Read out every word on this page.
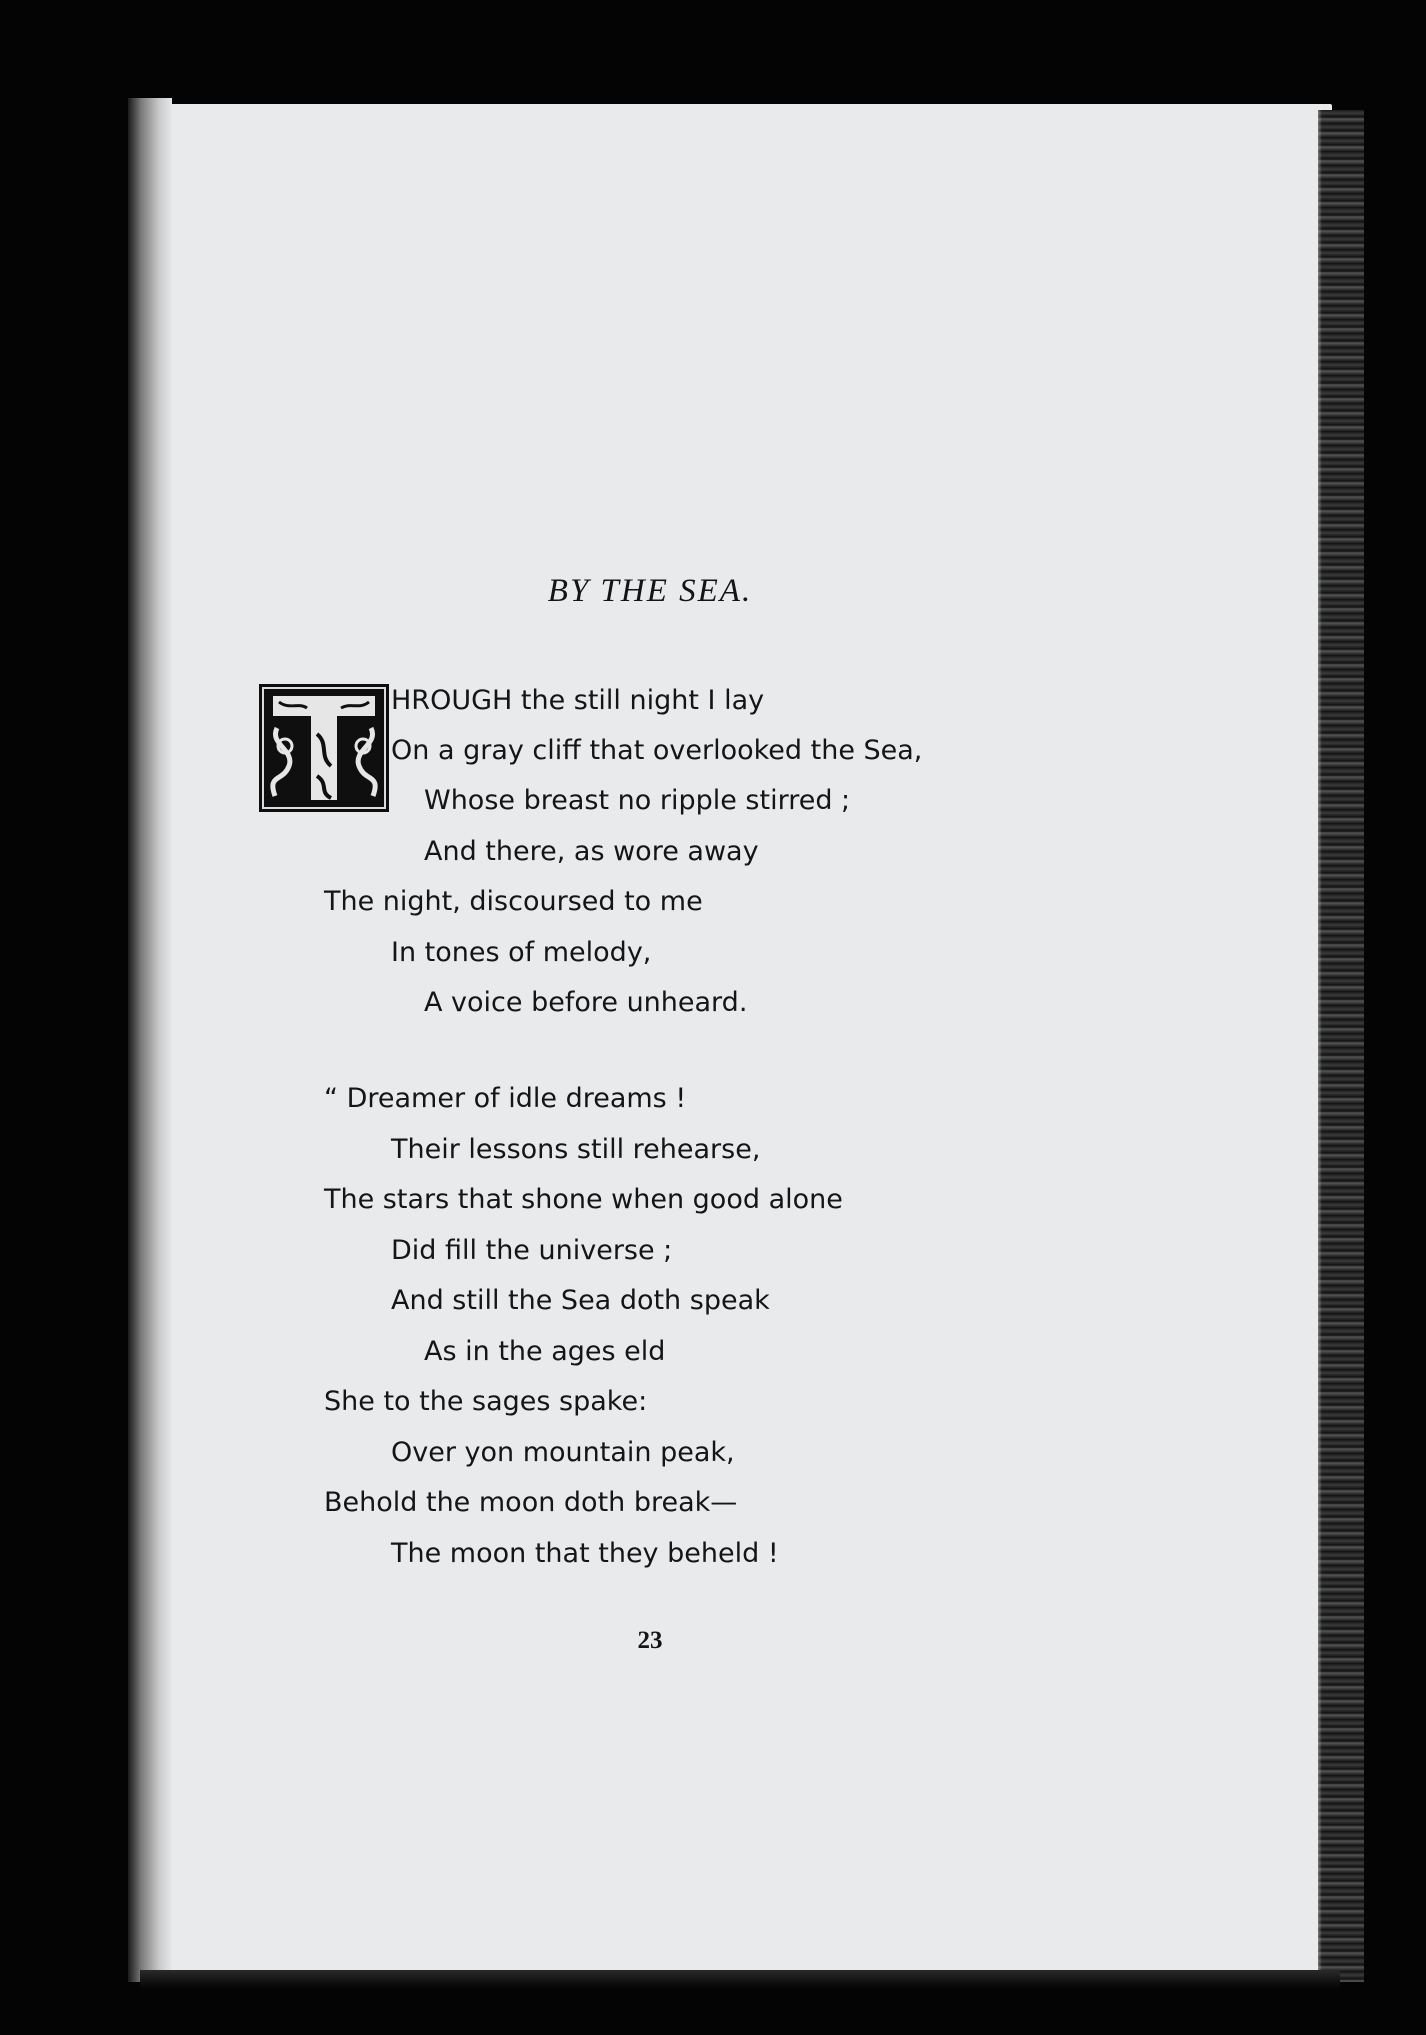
BY THE SEA.
HROUGH the still night I lay
On a gray cliff that overlooked the Sea,
Whose breast no ripple stirred ;
And there, as wore away
The night, discoursed to me
In tones of melody,
A voice before unheard.
“ Dreamer of idle dreams !
Their lessons still rehearse,
The stars that shone when good alone
Did fill the universe ;
And still the Sea doth speak
As in the ages eld
She to the sages spake:
Over yon mountain peak,
Behold the moon doth break—
The moon that they beheld !
23
